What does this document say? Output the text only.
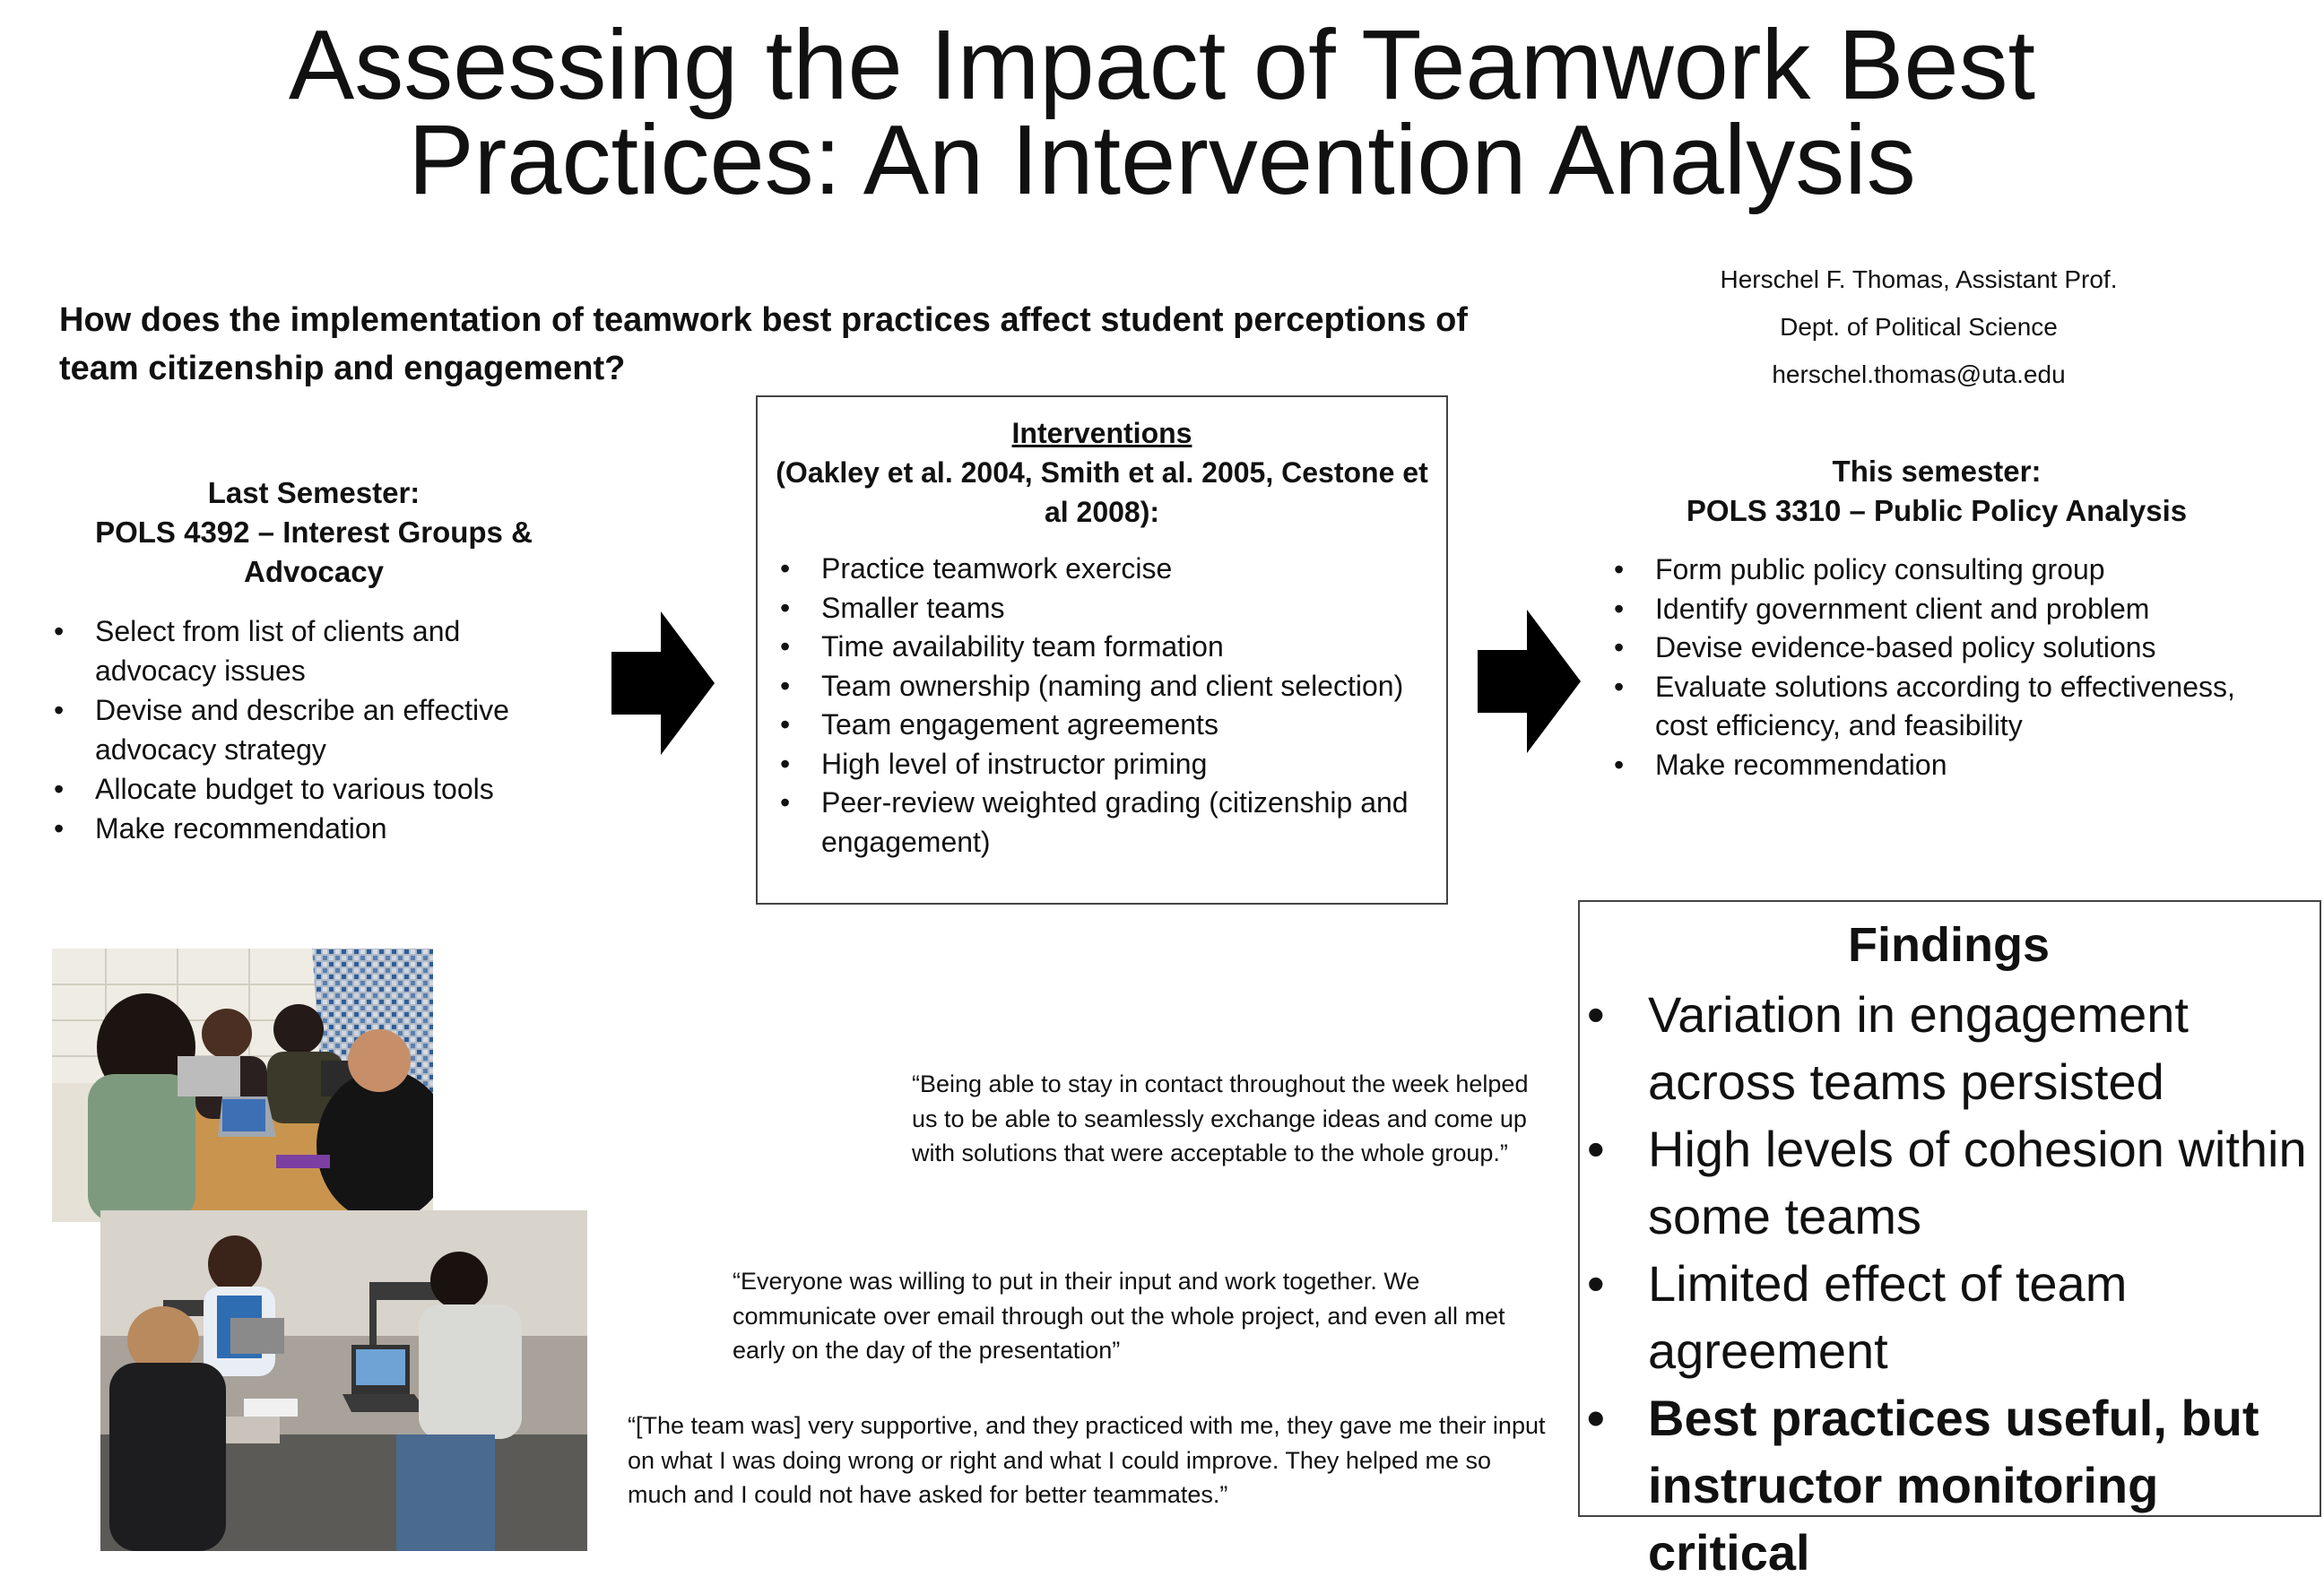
Assessing the Impact of Teamwork Best
Practices: An Intervention Analysis
How does the implementation of teamwork best practices affect student perceptions of team citizenship and engagement?
Herschel F. Thomas, Assistant Prof.
Dept. of Political Science
herschel.thomas@uta.edu
Last Semester:
POLS 4392 – Interest Groups & Advocacy
• Select from list of clients and advocacy issues
• Devise and describe an effective advocacy strategy
• Allocate budget to various tools
• Make recommendation
Interventions
(Oakley et al. 2004, Smith et al. 2005, Cestone et al 2008):
• Practice teamwork exercise
• Smaller teams
• Time availability team formation
• Team ownership (naming and client selection)
• Team engagement agreements
• High level of instructor priming
• Peer-review weighted grading (citizenship and engagement)
This semester:
POLS 3310 – Public Policy Analysis
• Form public policy consulting group
• Identify government client and problem
• Devise evidence-based policy solutions
• Evaluate solutions according to effectiveness, cost efficiency, and feasibility
• Make recommendation
Findings
• Variation in engagement across teams persisted
• High levels of cohesion within some teams
• Limited effect of team agreement
• Best practices useful, but instructor monitoring critical
“Being able to stay in contact throughout the week helped us to be able to seamlessly exchange ideas and come up with solutions that were acceptable to the whole group.”
“Everyone was willing to put in their input and work together. We communicate over email through out the whole project, and even all met early on the day of the presentation”
“[The team was] very supportive, and they practiced with me, they gave me their input on what I was doing wrong or right and what I could improve. They helped me so much and I could not have asked for better teammates.”
